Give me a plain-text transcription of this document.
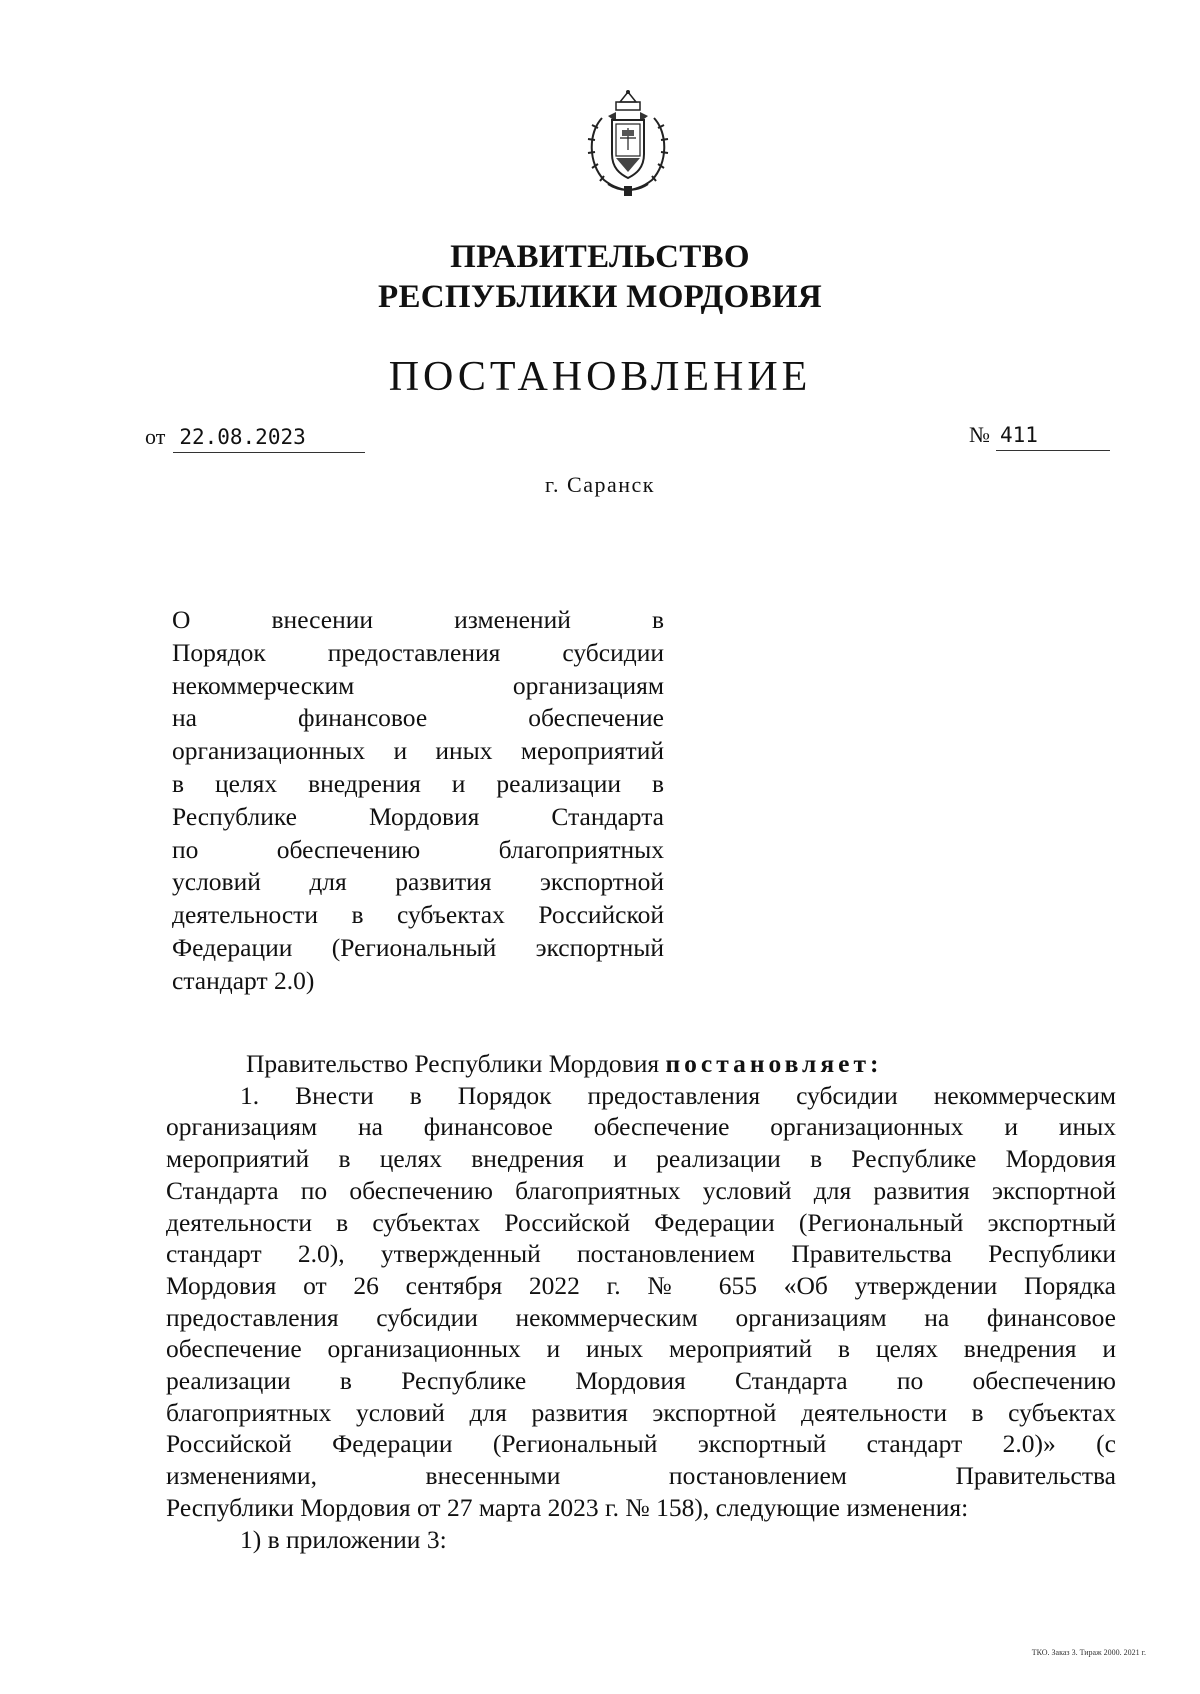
ПРАВИТЕЛЬСТВО
РЕСПУБЛИКИ МОРДОВИЯ
ПОСТАНОВЛЕНИЕ
от 22.08.2023	№ 411
г. Саранск
О внесении изменений в
Порядок предоставления субсидии
некоммерческим организациям
на финансовое обеспечение
организационных и иных мероприятий
в целях внедрения и реализации в
Республике Мордовия Стандарта
по обеспечению благоприятных
условий для развития экспортной
деятельности в субъектах Российской
Федерации (Региональный экспортный
стандарт 2.0)
Правительство Республики Мордовия постановляет:
1. Внести в Порядок предоставления субсидии некоммерческим
организациям на финансовое обеспечение организационных и иных
мероприятий в целях внедрения и реализации в Республике Мордовия
Стандарта по обеспечению благоприятных условий для развития экспортной
деятельности в субъектах Российской Федерации (Региональный экспортный
стандарт 2.0), утвержденный постановлением Правительства Республики
Мордовия от 26 сентября 2022 г. № 655 «Об утверждении Порядка
предоставления субсидии некоммерческим организациям на финансовое
обеспечение организационных и иных мероприятий в целях внедрения и
реализации в Республике Мордовия Стандарта по обеспечению
благоприятных условий для развития экспортной деятельности в субъектах
Российской Федерации (Региональный экспортный стандарт 2.0)» (с
изменениями, внесенными постановлением Правительства
Республики Мордовия от 27 марта 2023 г. № 158), следующие изменения:
1) в приложении 3:
ТКО. Заказ 3. Тираж 2000. 2021 г.
